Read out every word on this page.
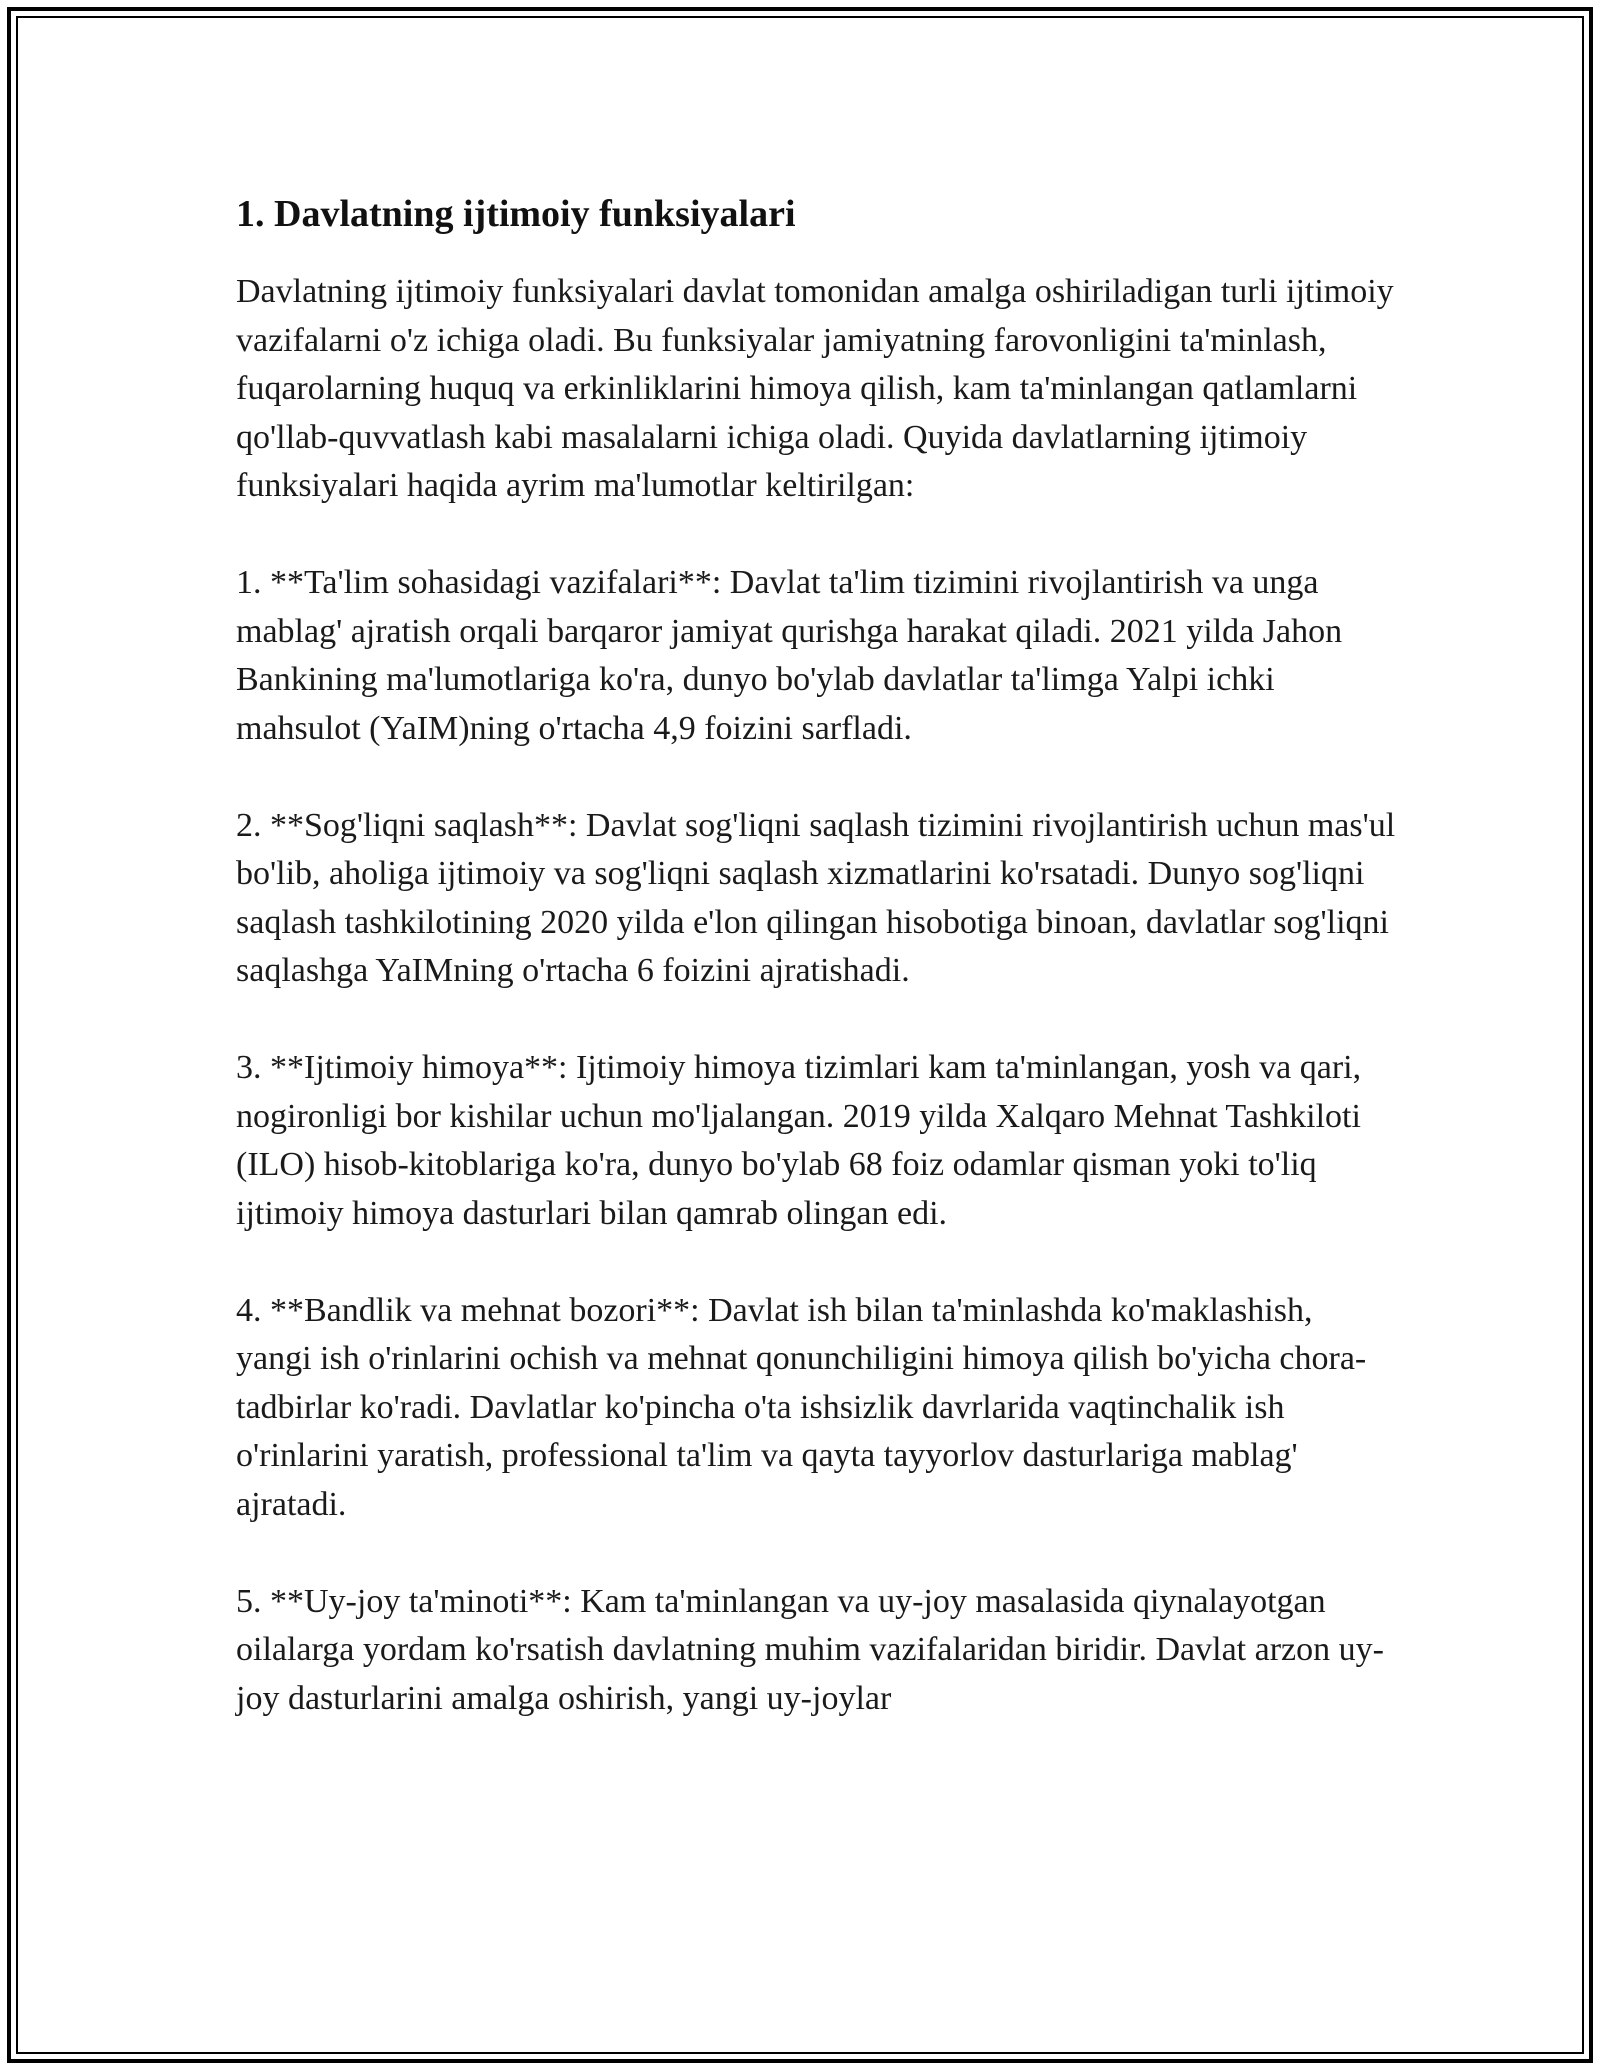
1. Davlatning ijtimoiy funksiyalari

Davlatning ijtimoiy funksiyalari davlat tomonidan amalga oshiriladigan turli ijtimoiy vazifalarni o'z ichiga oladi. Bu funksiyalar jamiyatning farovonligini ta'minlash, fuqarolarning huquq va erkinliklarini himoya qilish, kam ta'minlangan qatlamlarni qo'llab-quvvatlash kabi masalalarni ichiga oladi. Quyida davlatlarning ijtimoiy funksiyalari haqida ayrim ma'lumotlar keltirilgan:

1. **Ta'lim sohasidagi vazifalari**: Davlat ta'lim tizimini rivojlantirish va unga mablag' ajratish orqali barqaror jamiyat qurishga harakat qiladi. 2021 yilda Jahon Bankining ma'lumotlariga ko'ra, dunyo bo'ylab davlatlar ta'limga Yalpi ichki mahsulot (YaIM)ning o'rtacha 4,9 foizini sarfladi.

2. **Sog'liqni saqlash**: Davlat sog'liqni saqlash tizimini rivojlantirish uchun mas'ul bo'lib, aholiga ijtimoiy va sog'liqni saqlash xizmatlarini ko'rsatadi. Dunyo sog'liqni saqlash tashkilotining 2020 yilda e'lon qilingan hisobotiga binoan, davlatlar sog'liqni saqlashga YaIMning o'rtacha 6 foizini ajratishadi.

3. **Ijtimoiy himoya**: Ijtimoiy himoya tizimlari kam ta'minlangan, yosh va qari, nogironligi bor kishilar uchun mo'ljalangan. 2019 yilda Xalqaro Mehnat Tashkiloti (ILO) hisob-kitoblariga ko'ra, dunyo bo'ylab 68 foiz odamlar qisman yoki to'liq ijtimoiy himoya dasturlari bilan qamrab olingan edi.

4. **Bandlik va mehnat bozori**: Davlat ish bilan ta'minlashda ko'maklashish, yangi ish o'rinlarini ochish va mehnat qonunchiligini himoya qilish bo'yicha chora-tadbirlar ko'radi. Davlatlar ko'pincha o'ta ishsizlik davrlarida vaqtinchalik ish o'rinlarini yaratish, professional ta'lim va qayta tayyorlov dasturlariga mablag' ajratadi.

5. **Uy-joy ta'minoti**: Kam ta'minlangan va uy-joy masalasida qiynalayotgan oilalarga yordam ko'rsatish davlatning muhim vazifalaridan biridir. Davlat arzon uy-joy dasturlarini amalga oshirish, yangi uy-joylar
